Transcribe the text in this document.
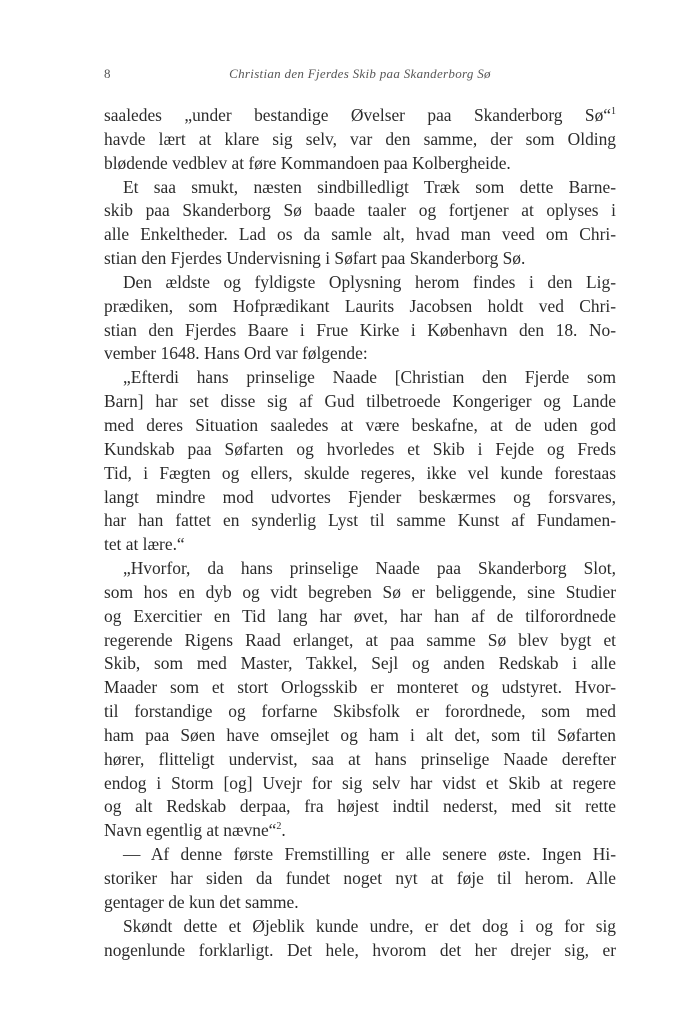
8	Christian den Fjerdes Skib paa Skanderborg Sø
saaledes „under bestandige Øvelser paa Skanderborg Sø“$^1$
havde lært at klare sig selv, var den samme, der som Olding
blødende vedblev at føre Kommandoen paa Kolbergheide.
Et saa smukt, næsten sindbilledligt Træk som dette Barne-
skib paa Skanderborg Sø baade taaler og fortjener at oplyses i
alle Enkeltheder. Lad os da samle alt, hvad man veed om Chri-
stian den Fjerdes Undervisning i Søfart paa Skanderborg Sø.
Den ældste og fyldigste Oplysning herom findes i den Lig-
prædiken, som Hofprædikant Laurits Jacobsen holdt ved Chri-
stian den Fjerdes Baare i Frue Kirke i København den 18. No-
vember 1648. Hans Ord var følgende:
„Efterdi hans prinselige Naade [Christian den Fjerde som
Barn] har set disse sig af Gud tilbetroede Kongeriger og Lande
med deres Situation saaledes at være beskafne, at de uden god
Kundskab paa Søfarten og hvorledes et Skib i Fejde og Freds
Tid, i Fægten og ellers, skulde regeres, ikke vel kunde forestaas
langt mindre mod udvortes Fjender beskærmes og forsvares,
har han fattet en synderlig Lyst til samme Kunst af Fundamen-
tet at lære.“
„Hvorfor, da hans prinselige Naade paa Skanderborg Slot,
som hos en dyb og vidt begreben Sø er beliggende, sine Studier
og Exercitier en Tid lang har øvet, har han af de tilforordnede
regerende Rigens Raad erlanget, at paa samme Sø blev bygt et
Skib, som med Master, Takkel, Sejl og anden Redskab i alle
Maader som et stort Orlogsskib er monteret og udstyret. Hvor-
til forstandige og forfarne Skibsfolk er forordnede, som med
ham paa Søen have omsejlet og ham i alt det, som til Søfarten
hører, flitteligt undervist, saa at hans prinselige Naade derefter
endog i Storm [og] Uvejr for sig selv har vidst et Skib at regere
og alt Redskab derpaa, fra højest indtil nederst, med sit rette
Navn egentlig at nævne“$^2$.
— Af denne første Fremstilling er alle senere øste. Ingen Hi-
storiker har siden da fundet noget nyt at føje til herom. Alle
gentager de kun det samme.
Skøndt dette et Øjeblik kunde undre, er det dog i og for sig
nogenlunde forklarligt. Det hele, hvorom det her drejer sig, er
